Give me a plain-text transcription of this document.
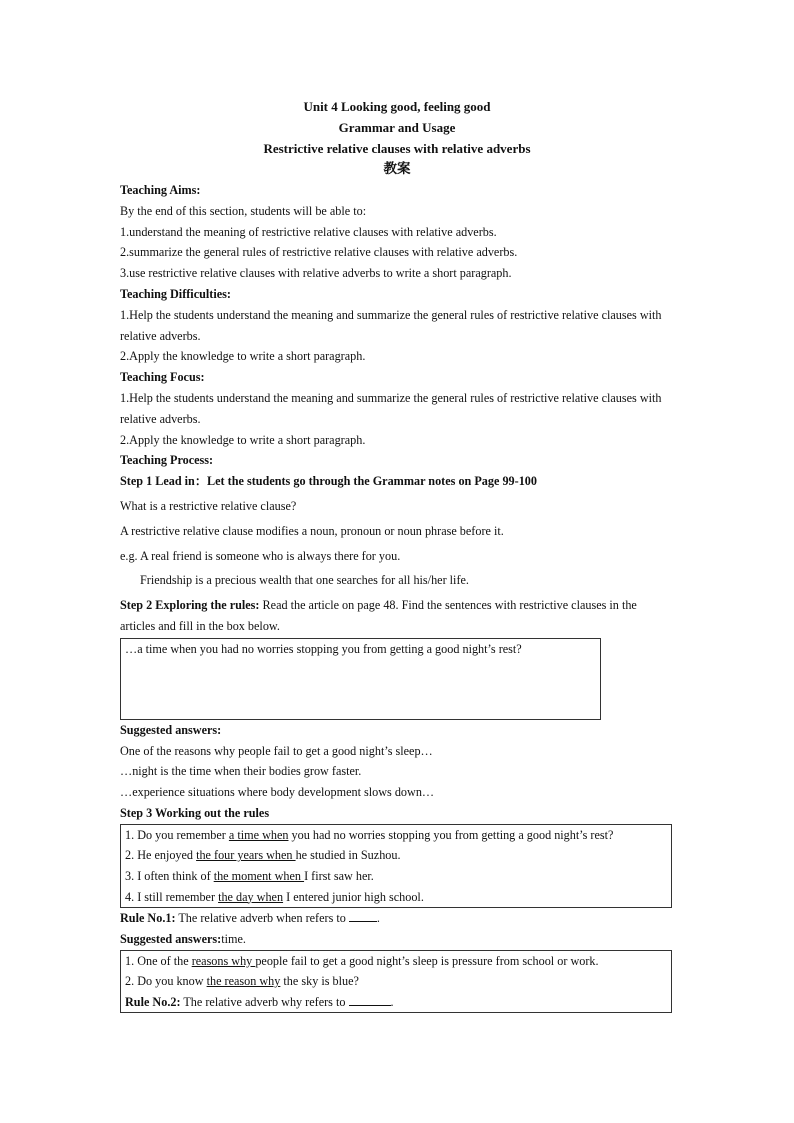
Unit 4 Looking good, feeling good
Grammar and Usage
Restrictive relative clauses with relative adverbs
教案
Teaching Aims:
By the end of this section, students will be able to:
1.understand the meaning of restrictive relative clauses with relative adverbs.
2.summarize the general rules of restrictive relative clauses with relative adverbs.
3.use restrictive relative clauses with relative adverbs to write a short paragraph.
Teaching Difficulties:
1.Help the students understand the meaning and summarize the general rules of restrictive relative clauses with relative adverbs.
2.Apply the knowledge to write a short paragraph.
Teaching Focus:
1.Help the students understand the meaning and summarize the general rules of restrictive relative clauses with relative adverbs.
2.Apply the knowledge to write a short paragraph.
Teaching Process:
Step 1 Lead in：Let the students go through the Grammar notes on Page 99-100
What is a restrictive relative clause?
A restrictive relative clause modifies a noun, pronoun or noun phrase before it.
e.g. A real friend is someone who is always there for you.
Friendship is a precious wealth that one searches for all his/her life.
Step 2 Exploring the rules: Read the article on page 48. Find the sentences with restrictive clauses in the articles and fill in the box below.
…a time when you had no worries stopping you from getting a good night’s rest?
Suggested answers:
One of the reasons why people fail to get a good night’s sleep…
…night is the time when their bodies grow faster.
…experience situations where body development slows down…
Step 3 Working out the rules
1. Do you remember a time when you had no worries stopping you from getting a good night’s rest?
2. He enjoyed the four years when he studied in Suzhou.
3. I often think of the moment when I first saw her.
4. I still remember the day when I entered junior high school.
Rule No.1: The relative adverb when refers to .
Suggested answers:time.
1. One of the reasons why people fail to get a good night’s sleep is pressure from school or work.
2. Do you know the reason why the sky is blue?
Rule No.2: The relative adverb why refers to	.
